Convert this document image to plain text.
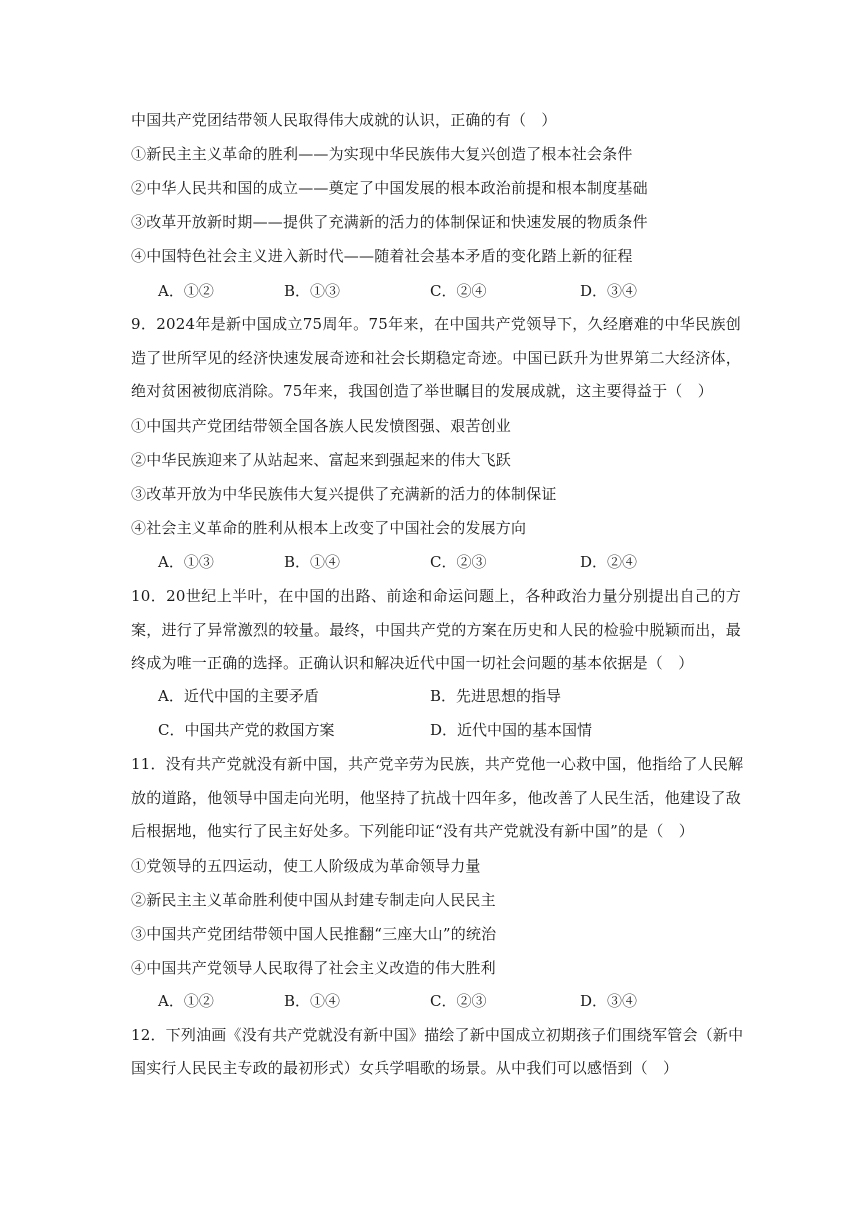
中国共产党团结带领人民取得伟大成就的认识，正确的有（　）
①新民主主义革命的胜利——为实现中华民族伟大复兴创造了根本社会条件
②中华人民共和国的成立——奠定了中国发展的根本政治前提和根本制度基础
③改革开放新时期——提供了充满新的活力的体制保证和快速发展的物质条件
④中国特色社会主义进入新时代——随着社会基本矛盾的变化踏上新的征程
A．①②	B．①③	C．②④	D．③④
9．2024年是新中国成立75周年。75年来，在中国共产党领导下，久经磨难的中华民族创
造了世所罕见的经济快速发展奇迹和社会长期稳定奇迹。中国已跃升为世界第二大经济体，
绝对贫困被彻底消除。75年来，我国创造了举世瞩目的发展成就，这主要得益于（　）
①中国共产党团结带领全国各族人民发愤图强、艰苦创业
②中华民族迎来了从站起来、富起来到强起来的伟大飞跃
③改革开放为中华民族伟大复兴提供了充满新的活力的体制保证
④社会主义革命的胜利从根本上改变了中国社会的发展方向
A．①③	B．①④	C．②③	D．②④
10．20世纪上半叶，在中国的出路、前途和命运问题上，各种政治力量分别提出自己的方
案，进行了异常激烈的较量。最终，中国共产党的方案在历史和人民的检验中脱颖而出，最
终成为唯一正确的选择。正确认识和解决近代中国一切社会问题的基本依据是（　）
A．近代中国的主要矛盾	B．先进思想的指导
C．中国共产党的救国方案	D．近代中国的基本国情
11．没有共产党就没有新中国，共产党辛劳为民族，共产党他一心救中国，他指给了人民解
放的道路，他领导中国走向光明，他坚持了抗战十四年多，他改善了人民生活，他建设了敌
后根据地，他实行了民主好处多。下列能印证“没有共产党就没有新中国”的是（　）
①党领导的五四运动，使工人阶级成为革命领导力量
②新民主主义革命胜利使中国从封建专制走向人民民主
③中国共产党团结带领中国人民推翻“三座大山”的统治
④中国共产党领导人民取得了社会主义改造的伟大胜利
A．①②	B．①④	C．②③	D．③④
12．下列油画《没有共产党就没有新中国》描绘了新中国成立初期孩子们围绕军管会（新中
国实行人民民主专政的最初形式）女兵学唱歌的场景。从中我们可以感悟到（　）
